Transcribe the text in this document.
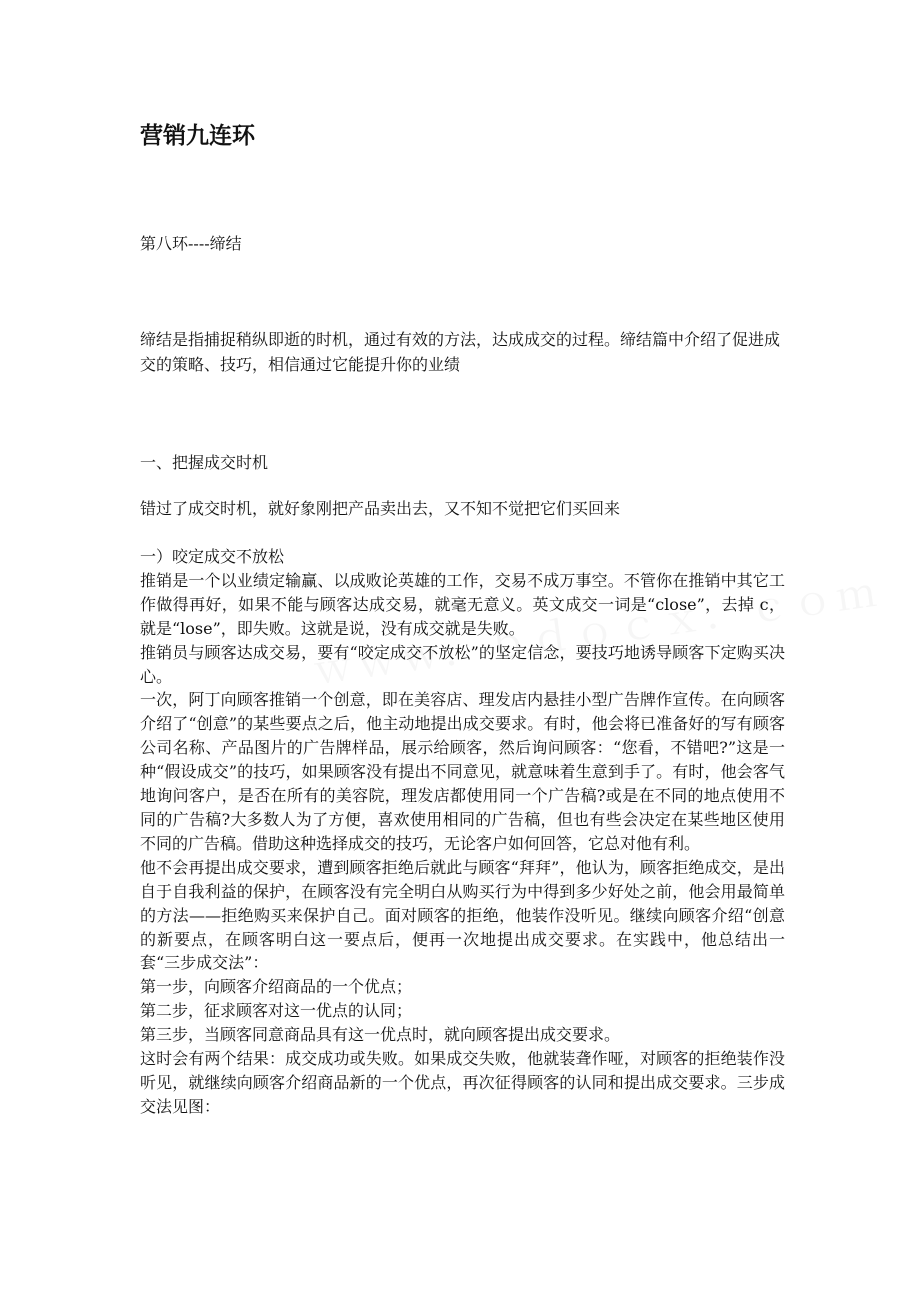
营销九连环

第八环----缔结

缔结是指捕捉稍纵即逝的时机，通过有效的方法，达成成交的过程。缔结篇中介绍了促进成交的策略、技巧，相信通过它能提升你的业绩

一、把握成交时机

错过了成交时机，就好象刚把产品卖出去，又不知不觉把它们买回来

一）咬定成交不放松

推销是一个以业绩定输赢、以成败论英雄的工作，交易不成万事空。不管你在推销中其它工作做得再好，如果不能与顾客达成交易，就毫无意义。英文成交一词是“close”，去掉 c，就是“lose”，即失败。这就是说，没有成交就是失败。

推销员与顾客达成交易，要有“咬定成交不放松”的坚定信念，要技巧地诱导顾客下定购买决心。

一次，阿丁向顾客推销一个创意，即在美容店、理发店内悬挂小型广告牌作宣传。在向顾客介绍了“创意”的某些要点之后，他主动地提出成交要求。有时，他会将已准备好的写有顾客公司名称、产品图片的广告牌样品，展示给顾客，然后询问顾客：“您看，不错吧?”这是一种“假设成交”的技巧，如果顾客没有提出不同意见，就意味着生意到手了。有时，他会客气地询问客户，是否在所有的美容院，理发店都使用同一个广告稿?或是在不同的地点使用不同的广告稿?大多数人为了方便，喜欢使用相同的广告稿，但也有些会决定在某些地区使用不同的广告稿。借助这种选择成交的技巧，无论客户如何回答，它总对他有利。

他不会再提出成交要求，遭到顾客拒绝后就此与顾客“拜拜”，他认为，顾客拒绝成交，是出自于自我利益的保护，在顾客没有完全明白从购买行为中得到多少好处之前，他会用最简单的方法——拒绝购买来保护自己。面对顾客的拒绝，他装作没听见。继续向顾客介绍“创意的新要点，在顾客明白这一要点后，便再一次地提出成交要求。在实践中，他总结出一套“三步成交法”：

第一步，向顾客介绍商品的一个优点；

第二步，征求顾客对这一优点的认同；

第三步，当顾客同意商品具有这一优点时，就向顾客提出成交要求。

这时会有两个结果：成交成功或失败。如果成交失败，他就装聋作哑，对顾客的拒绝装作没听见，就继续向顾客介绍商品新的一个优点，再次征得顾客的认同和提出成交要求。三步成交法见图：
